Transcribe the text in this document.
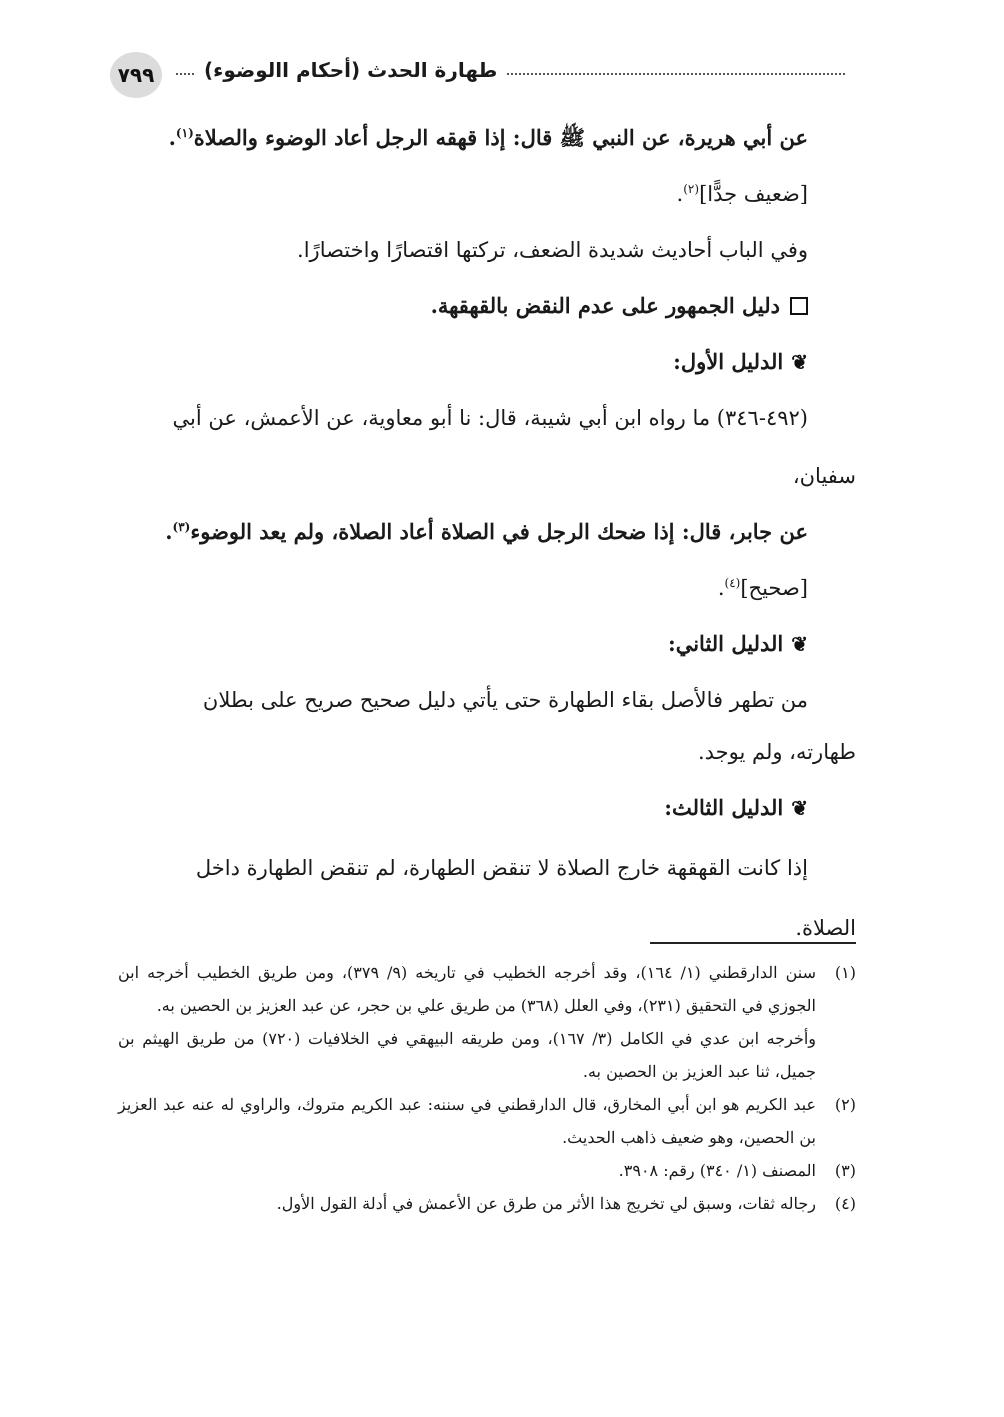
٧٩٩	طهارة الحدث (أحكام االوضوء)

عن أبي هريرة، عن النبي ﷺ قال: إذا قهقه الرجل أعاد الوضوء والصلاة$^{(١)}$.

[ضعيف جدًّا]$^{(٢)}$.

وفي الباب أحاديث شديدة الضعف، تركتها اقتصارًا واختصارًا.

دليل الجمهور على عدم النقض بالقهقهة.

❦
الدليل الأول:

(٤٩٢-٣٤٦) ما رواه ابن أبي شيبة، قال: نا أبو معاوية، عن الأعمش، عن أبي

سفيان،

عن جابر، قال: إذا ضحك الرجل في الصلاة أعاد الصلاة، ولم يعد الوضوء$^{(٣)}$.

[صحيح]$^{(٤)}$.

❦
الدليل الثاني:

من تطهر فالأصل بقاء الطهارة حتى يأتي دليل صحيح صريح على بطلان

طهارته، ولم يوجد.

❦
الدليل الثالث:

إذا كانت القهقهة خارج الصلاة لا تنقض الطهارة، لم تنقض الطهارة داخل

الصلاة.

(١)
سنن الدارقطني (١/ ١٦٤)، وقد أخرجه الخطيب في تاريخه (٩/ ٣٧٩)، ومن طريق الخطيب أخرجه ابن الجوزي في التحقيق (٢٣١)، وفي العلل (٣٦٨) من طريق علي بن حجر، عن عبد العزيز بن الحصين به.
وأخرجه ابن عدي في الكامل (٣/ ١٦٧)، ومن طريقه البيهقي في الخلافيات (٧٢٠) من طريق الهيثم بن جميل، ثنا عبد العزيز بن الحصين به.
(٢)
عبد الكريم هو ابن أبي المخارق، قال الدارقطني في سننه: عبد الكريم متروك، والراوي له عنه عبد العزيز بن الحصين، وهو ضعيف ذاهب الحديث.
(٣)
المصنف (١/ ٣٤٠) رقم: ٣٩٠٨.
(٤)
رجاله ثقات، وسبق لي تخريج هذا الأثر من طرق عن الأعمش في أدلة القول الأول.
